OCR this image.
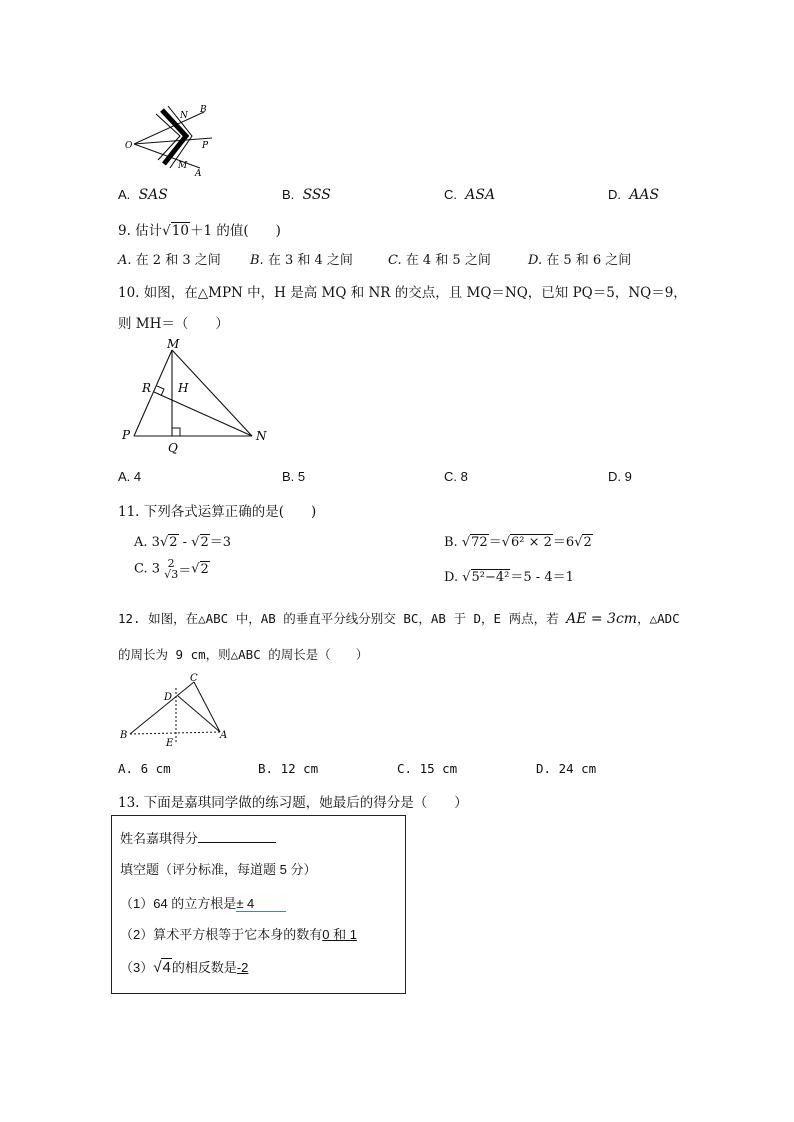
B
N
O	P
M
A
A. SAS	B. SSS	C. ASA	D. AAS
9. 估计√10＋1 的值(　　)
A. 在 2 和 3 之间 B. 在 3 和 4 之间	C. 在 4 和 5 之间	D. 在 5 和 6 之间
10. 如图，在△MPN 中，H 是高 MQ 和 NR 的交点，且 MQ＝NQ，已知 PQ＝5，NQ＝9，
则 MH＝（　　）
M
R H
P
Q
N
A. 4	B. 5	C. 8	D. 9
11. 下列各式运算正确的是(　　)
A. 3√2 - √2＝3	B. √72＝√6² × 2＝6√2
C. 3 2
√3 ＝√2
D. √5²−4²＝5 - 4＝1
12. 如图，在△ABC 中，AB 的垂直平分线分别交 BC，AB 于 D，E 两点，若 AE = 3cm，△ADC
的周长为 9 cm，则△ABC 的周长是（　　）
C
D
B
E
A
A. 6 cm	B. 12 cm	C. 15 cm	D. 24 cm
13. 下面是嘉琪同学做的练习题，她最后的得分是（　　）
姓名嘉琪得分
填空题（评分标准，每道题 5 分）
（1）64 的立方根是± 4
（2）算术平方根等于它本身的数有0 和 1
（3）√4的相反数是-2
